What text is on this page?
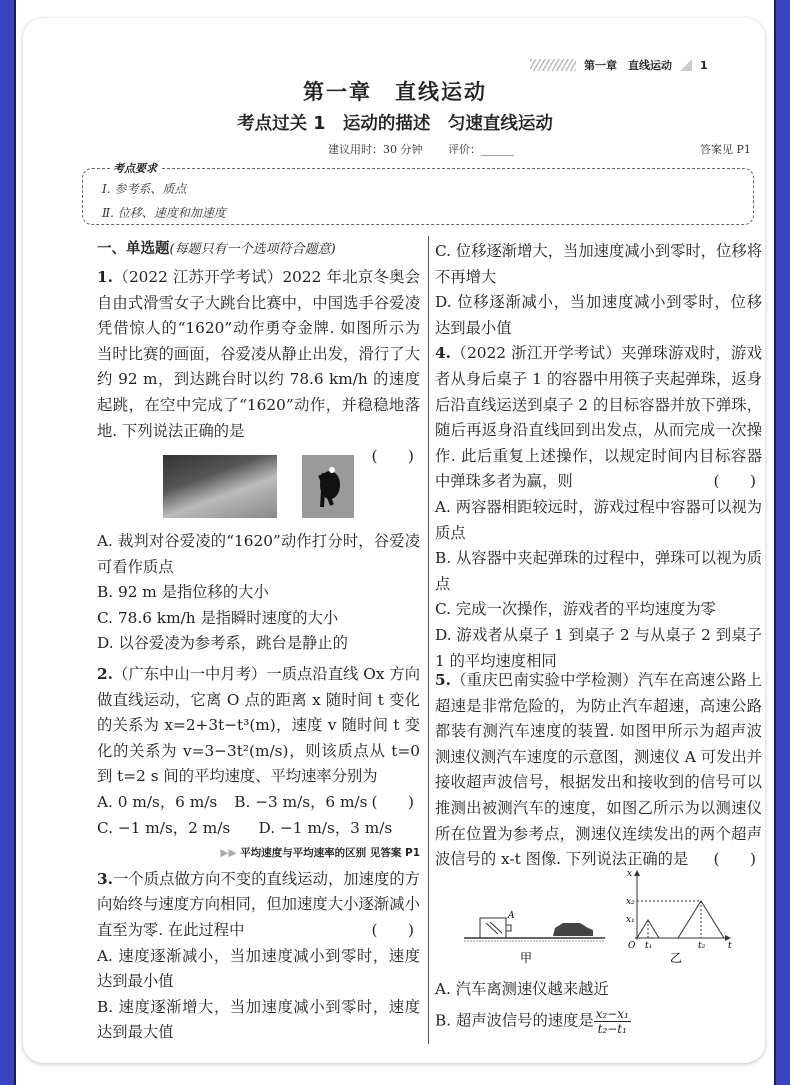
第一章　直线运动	1
第一章　直线运动
考点过关 1　运动的描述　匀速直线运动
建议用时：30 分钟 评价：______	答案见 P1
考点要求
Ⅰ. 参考系、质点
Ⅱ. 位移、速度和加速度

一、单选题(每题只有一个选项符合题意)

1.（2022 江苏开学考试）2022 年北京冬奥会自由式滑雪女子大跳台比赛中，中国选手谷爱凌凭借惊人的“1620”动作勇夺金牌. 如图所示为当时比赛的画面，谷爱凌从静止出发，滑行了大约 92 m，到达跳台时以约 78.6 km/h 的速度起跳，在空中完成了“1620”动作，并稳稳地落地. 下列说法正确的是

(　　)

A. 裁判对谷爱凌的“1620”动作打分时，谷爱凌可看作质点

B. 92 m 是指位移的大小

C. 78.6 km/h 是指瞬时速度的大小

D. 以谷爱凌为参考系，跳台是静止的

2.（广东中山一中月考）一质点沿直线 Ox 方向做直线运动，它离 O 点的距离 x 随时间 t 变化的关系为 x=2+3t−t³(m)，速度 v 随时间 t 变化的关系为 v=3−3t²(m/s)，则该质点从 t=0 到 t=2 s 间的平均速度、平均速率分别为
(　　)

A. 0 m/s，6 m/s	B. −3 m/s，6 m/s

C. −1 m/s，2 m/s	D. −1 m/s，3 m/s

▶▶ 平均速度与平均速率的区别 见答案 P1

3.一个质点做方向不变的直线运动，加速度的方向始终与速度方向相同，但加速度大小逐渐减小直至为零. 在此过程中	(　　)

A. 速度逐渐减小，当加速度减小到零时，速度达到最小值

B. 速度逐渐增大，当加速度减小到零时，速度达到最大值

C. 位移逐渐增大，当加速度减小到零时，位移将不再增大

D. 位移逐渐减小，当加速度减小到零时，位移达到最小值

4.（2022 浙江开学考试）夹弹珠游戏时，游戏者从身后桌子 1 的容器中用筷子夹起弹珠，返身后沿直线运送到桌子 2 的目标容器并放下弹珠，随后再返身沿直线回到出发点，从而完成一次操作. 此后重复上述操作，以规定时间内目标容器中弹珠多者为赢，则	(　　)

A. 两容器相距较远时，游戏过程中容器可以视为质点

B. 从容器中夹起弹珠的过程中，弹珠可以视为质点

C. 完成一次操作，游戏者的平均速度为零

D. 游戏者从桌子 1 到桌子 2 与从桌子 2 到桌子 1 的平均速度相同

5.（重庆巴南实验中学检测）汽车在高速公路上超速是非常危险的，为防止汽车超速，高速公路都装有测汽车速度的装置. 如图甲所示为超声波测速仪测汽车速度的示意图，测速仪 A 可发出并接收超声波信号，根据发出和接收到的信号可以推测出被测汽车的速度，如图乙所示为以测速仪所在位置为参考点，测速仪连续发出的两个超声波信号的 x-t 图像. 下列说法正确的是 (　　)

A
甲
x
x₂
x₁
O t₁	t₂	t
乙

A. 汽车离测速仪越来越近

B. 超声波信号的速度是 $\frac{\text{x₂−x₁}}{\text{t₂−t₁}}$
